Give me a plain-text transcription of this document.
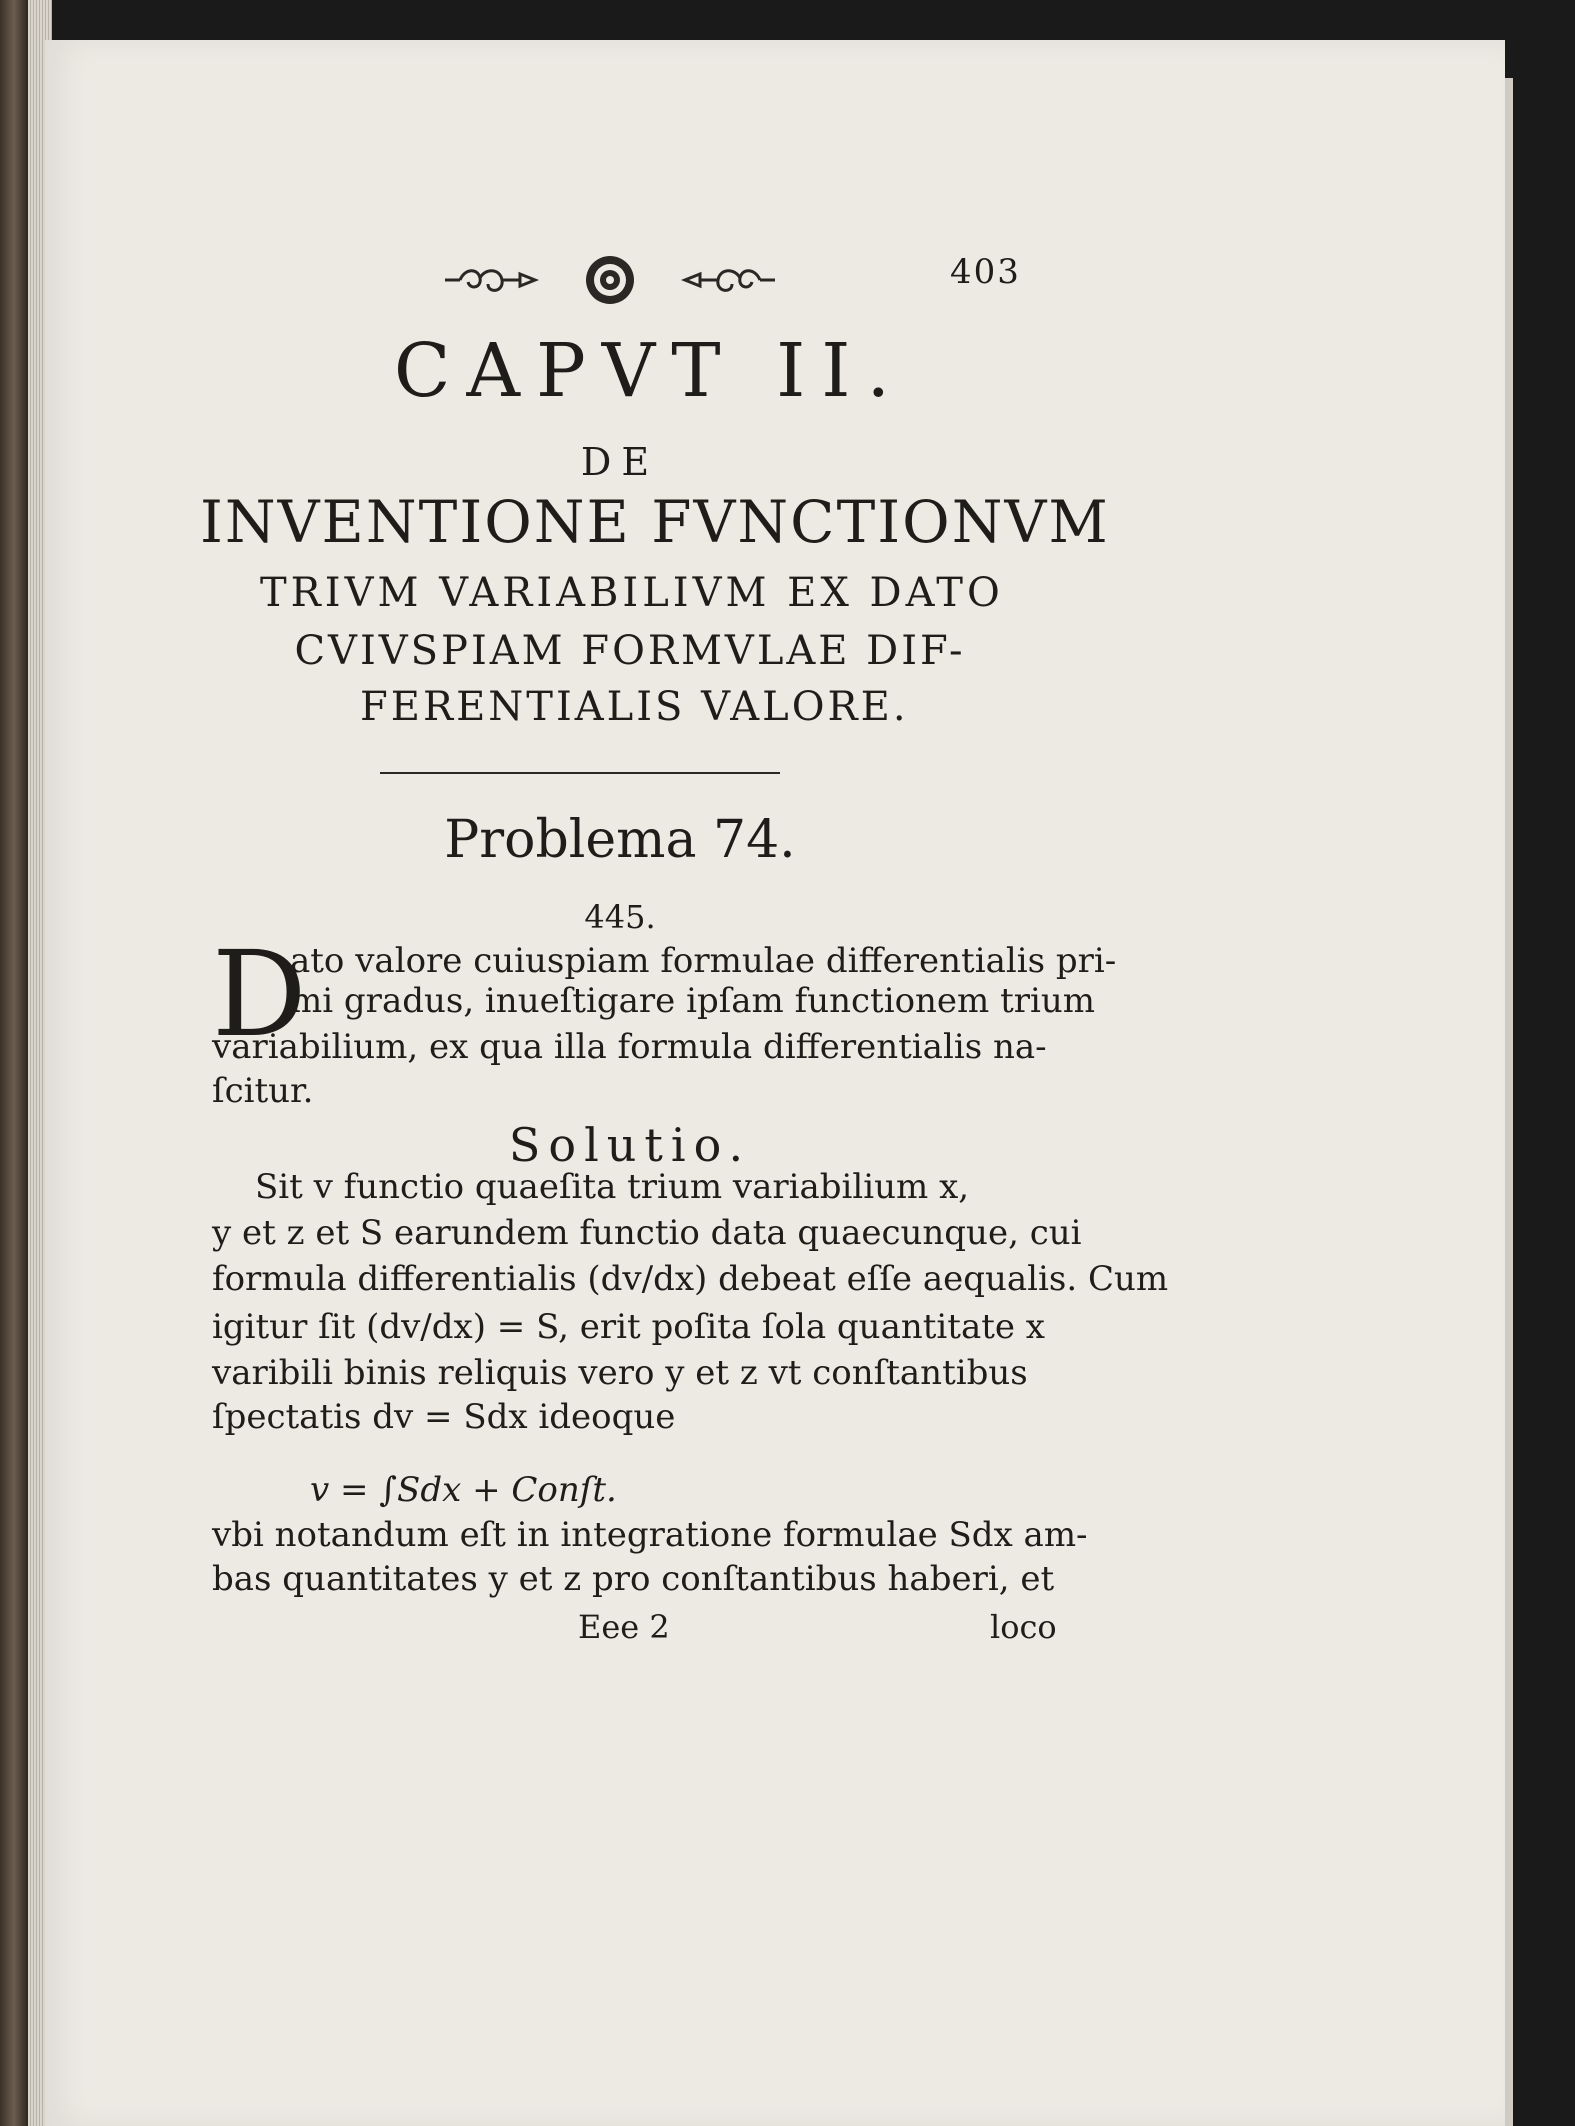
403
CAPVT II.
DE
INVENTIONE FVNCTIONVM
TRIVM VARIABILIVM EX DATO
CVIVSPIAM FORMVLAE DIF-
FERENTIALIS VALORE.
Problema 74.
445.
D
ato valore cuiuspiam formulae differentialis pri-
mi gradus, inueſtigare ipſam functionem trium
variabilium, ex qua illa formula differentialis na-
ſcitur.
Solutio.
Sit v functio quaeſita trium variabilium x,
y et z et S earundem functio data quaecunque, cui
formula differentialis (dv/dx) debeat eſſe aequalis. Cum
igitur ſit (dv/dx) = S, erit poſita ſola quantitate x
varibili binis reliquis vero y et z vt conſtantibus
ſpectatis dv = Sdx ideoque
v = ∫Sdx + Conſt.
vbi notandum eſt in integratione formulae Sdx am-
bas quantitates y et z pro conſtantibus haberi, et
Eee 2	loco
